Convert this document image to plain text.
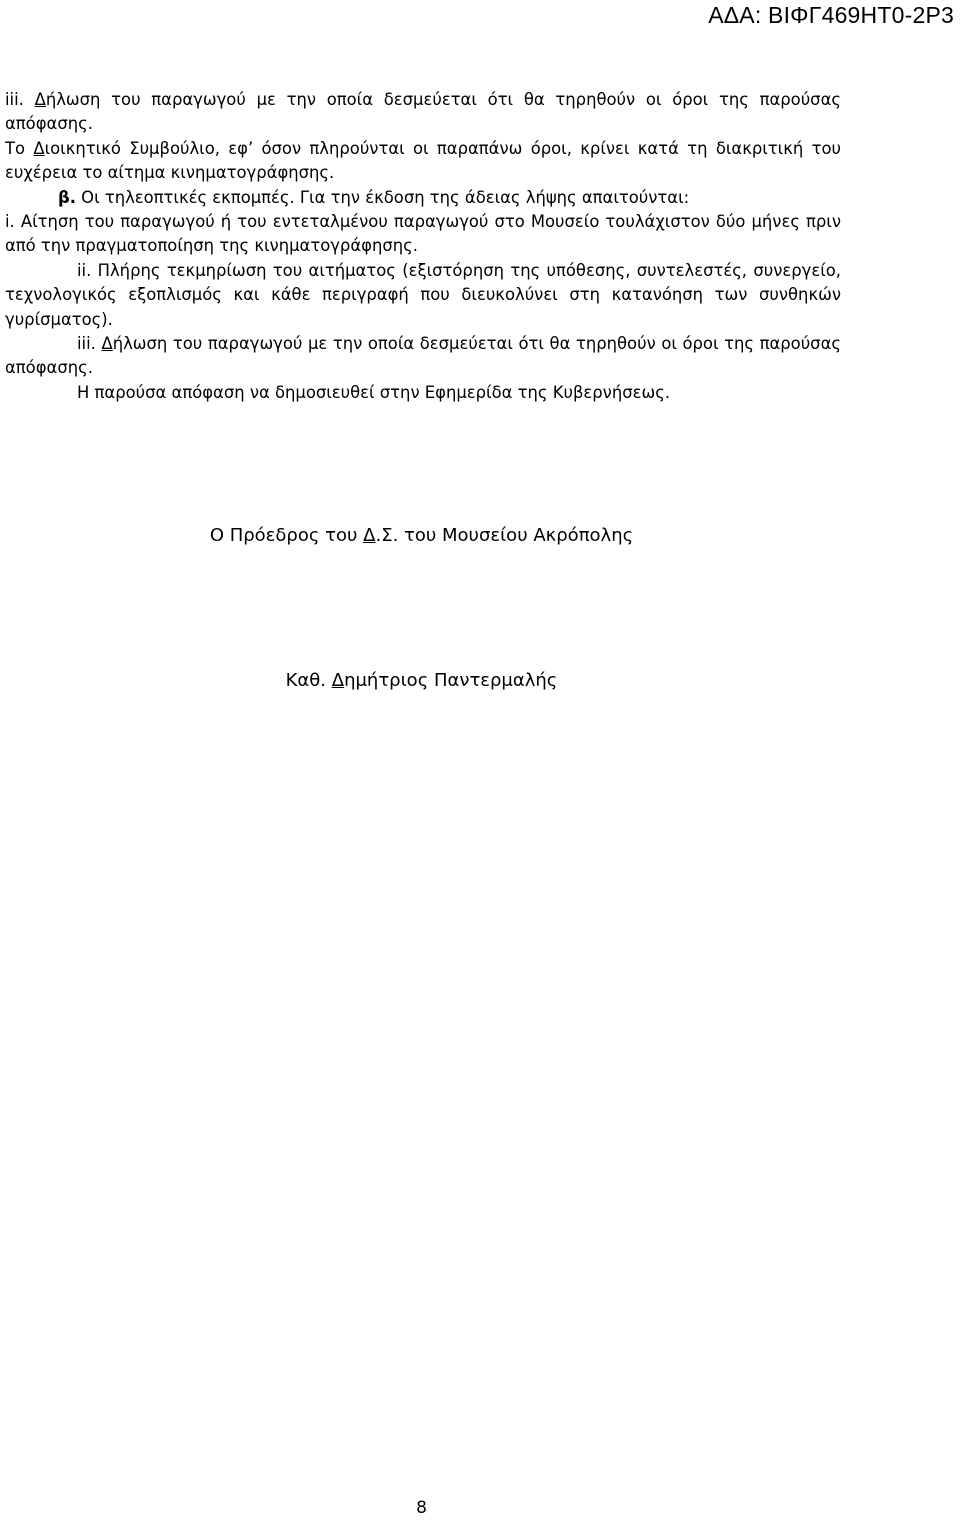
ΑΔΑ: ΒΙΦΓ469ΗΤ0-2Ρ3

iii. Δήλωση του παραγωγού με την οποία δεσμεύεται ότι θα τηρηθούν οι όροι της παρούσας απόφασης.

Το Διοικητικό Συμβούλιο, εφ’ όσον πληρούνται οι παραπάνω όροι, κρίνει κατά τη διακριτική του ευχέρεια το αίτημα κινηματογράφησης.

β. Οι τηλεοπτικές εκπομπές. Για την έκδοση της άδειας λήψης απαιτούνται:

i. Αίτηση του παραγωγού ή του εντεταλμένου παραγωγού στο Μουσείο τουλάχιστον δύο μήνες πριν από την πραγματοποίηση της κινηματογράφησης.

ii. Πλήρης τεκμηρίωση του αιτήματος (εξιστόρηση της υπόθεσης, συντελεστές, συνεργείο, τεχνολογικός εξοπλισμός και κάθε περιγραφή που διευκολύνει στη κατανόηση των συνθηκών γυρίσματος).

iii. Δήλωση του παραγωγού με την οποία δεσμεύεται ότι θα τηρηθούν οι όροι της παρούσας απόφασης.

Η παρούσα απόφαση να δημοσιευθεί στην Εφημερίδα της Κυβερνήσεως.

Ο Πρόεδρος του Δ.Σ. του Μουσείου Ακρόπολης
Καθ. Δημήτριος Παντερμαλής
8
